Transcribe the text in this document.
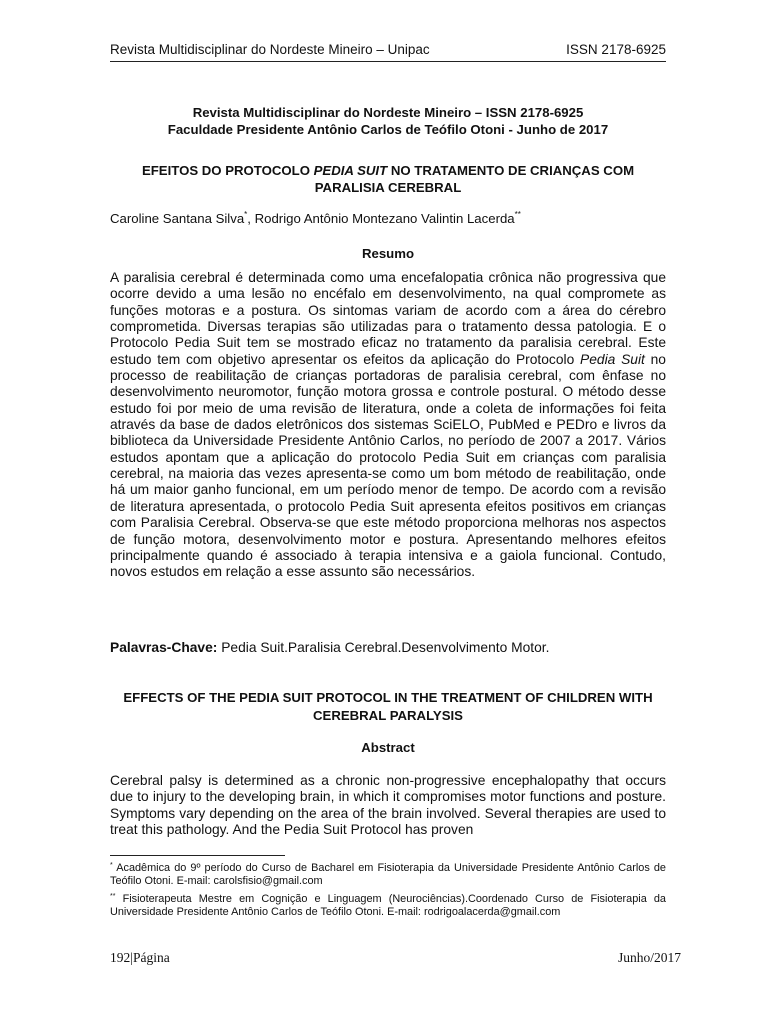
Revista Multidisciplinar do Nordeste Mineiro – Unipac	ISSN 2178-6925
Revista Multidisciplinar do Nordeste Mineiro – ISSN 2178-6925
Faculdade Presidente Antônio Carlos de Teófilo Otoni - Junho de 2017
EFEITOS DO PROTOCOLO PEDIA SUIT NO TRATAMENTO DE CRIANÇAS COM PARALISIA CEREBRAL
Caroline Santana Silva*, Rodrigo Antônio Montezano Valintin Lacerda**
Resumo

A paralisia cerebral é determinada como uma encefalopatia crônica não progressiva que ocorre devido a uma lesão no encéfalo em desenvolvimento, na qual compromete as funções motoras e a postura. Os sintomas variam de acordo com a área do cérebro comprometida. Diversas terapias são utilizadas para o tratamento dessa patologia. E o Protocolo Pedia Suit tem se mostrado eficaz no tratamento da paralisia cerebral. Este estudo tem com objetivo apresentar os efeitos da aplicação do Protocolo Pedia Suit no processo de reabilitação de crianças portadoras de paralisia cerebral, com ênfase no desenvolvimento neuromotor, função motora grossa e controle postural. O método desse estudo foi por meio de uma revisão de literatura, onde a coleta de informações foi feita através da base de dados eletrônicos dos sistemas SciELO, PubMed e PEDro e livros da biblioteca da Universidade Presidente Antônio Carlos, no período de 2007 a 2017. Vários estudos apontam que a aplicação do protocolo Pedia Suit em crianças com paralisia cerebral, na maioria das vezes apresenta-se como um bom método de reabilitação, onde há um maior ganho funcional, em um período menor de tempo. De acordo com a revisão de literatura apresentada, o protocolo Pedia Suit apresenta efeitos positivos em crianças com Paralisia Cerebral. Observa-se que este método proporciona melhoras nos aspectos de função motora, desenvolvimento motor e postura. Apresentando melhores efeitos principalmente quando é associado à terapia intensiva e a gaiola funcional. Contudo, novos estudos em relação a esse assunto são necessários.

Palavras-Chave: Pedia Suit.Paralisia Cerebral.Desenvolvimento Motor.
EFFECTS OF THE PEDIA SUIT PROTOCOL IN THE TREATMENT OF CHILDREN WITH CEREBRAL PARALYSIS
Abstract

Cerebral palsy is determined as a chronic non-progressive encephalopathy that occurs due to injury to the developing brain, in which it compromises motor functions and posture. Symptoms vary depending on the area of the brain involved. Several therapies are used to treat this pathology. And the Pedia Suit Protocol has proven

* Acadêmica do 9º período do Curso de Bacharel em Fisioterapia da Universidade Presidente Antônio Carlos de Teófilo Otoni. E-mail: carolsfisio@gmail.com
** Fisioterapeuta Mestre em Cognição e Linguagem (Neurociências).Coordenado Curso de Fisioterapia da Universidade Presidente Antônio Carlos de Teófilo Otoni. E-mail: rodrigoalacerda@gmail.com
192|Página	Junho/2017
